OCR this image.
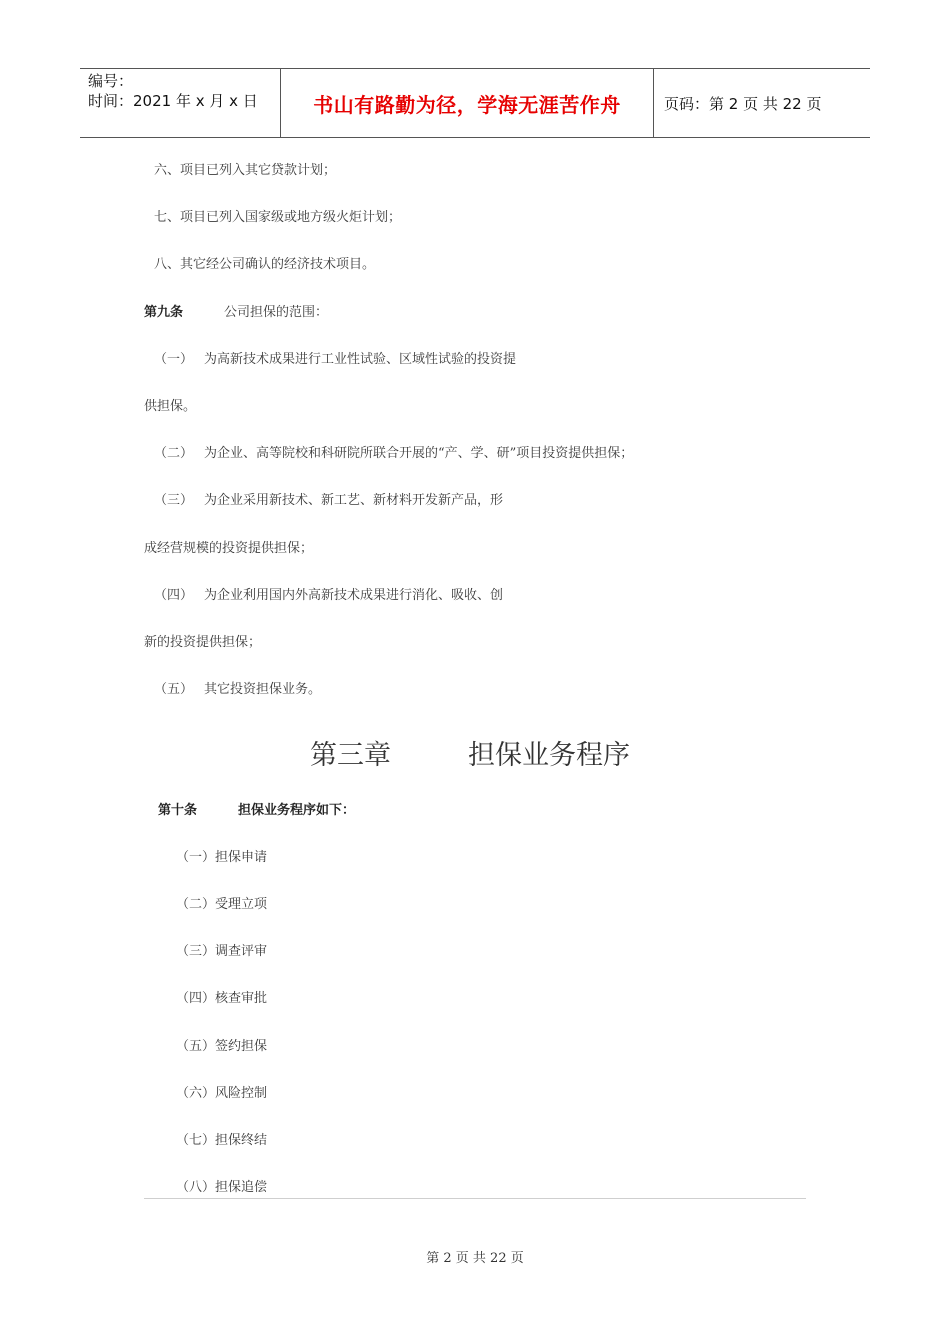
编号：
时间：2021 年 x 月 x 日	书山有路勤为径，学海无涯苦作舟	页码：第 2 页 共 22 页
六、项目已列入其它贷款计划；
七、项目已列入国家级或地方级火炬计划；
八、其它经公司确认的经济技术项目。
第九条	公司担保的范围：
（一） 为高新技术成果进行工业性试验、区域性试验的投资提
供担保。
（二） 为企业、高等院校和科研院所联合开展的“产、学、研”项目投资提供担保；
（三） 为企业采用新技术、新工艺、新材料开发新产品，形
成经营规模的投资提供担保；
（四） 为企业利用国内外高新技术成果进行消化、吸收、创
新的投资提供担保；
（五） 其它投资担保业务。
第三章	担保业务程序
第十条	担保业务程序如下：
（一）担保申请
（二）受理立项
（三）调查评审
（四）核查审批
（五）签约担保
（六）风险控制
（七）担保终结
（八）担保追偿
第 2 页 共 22 页
